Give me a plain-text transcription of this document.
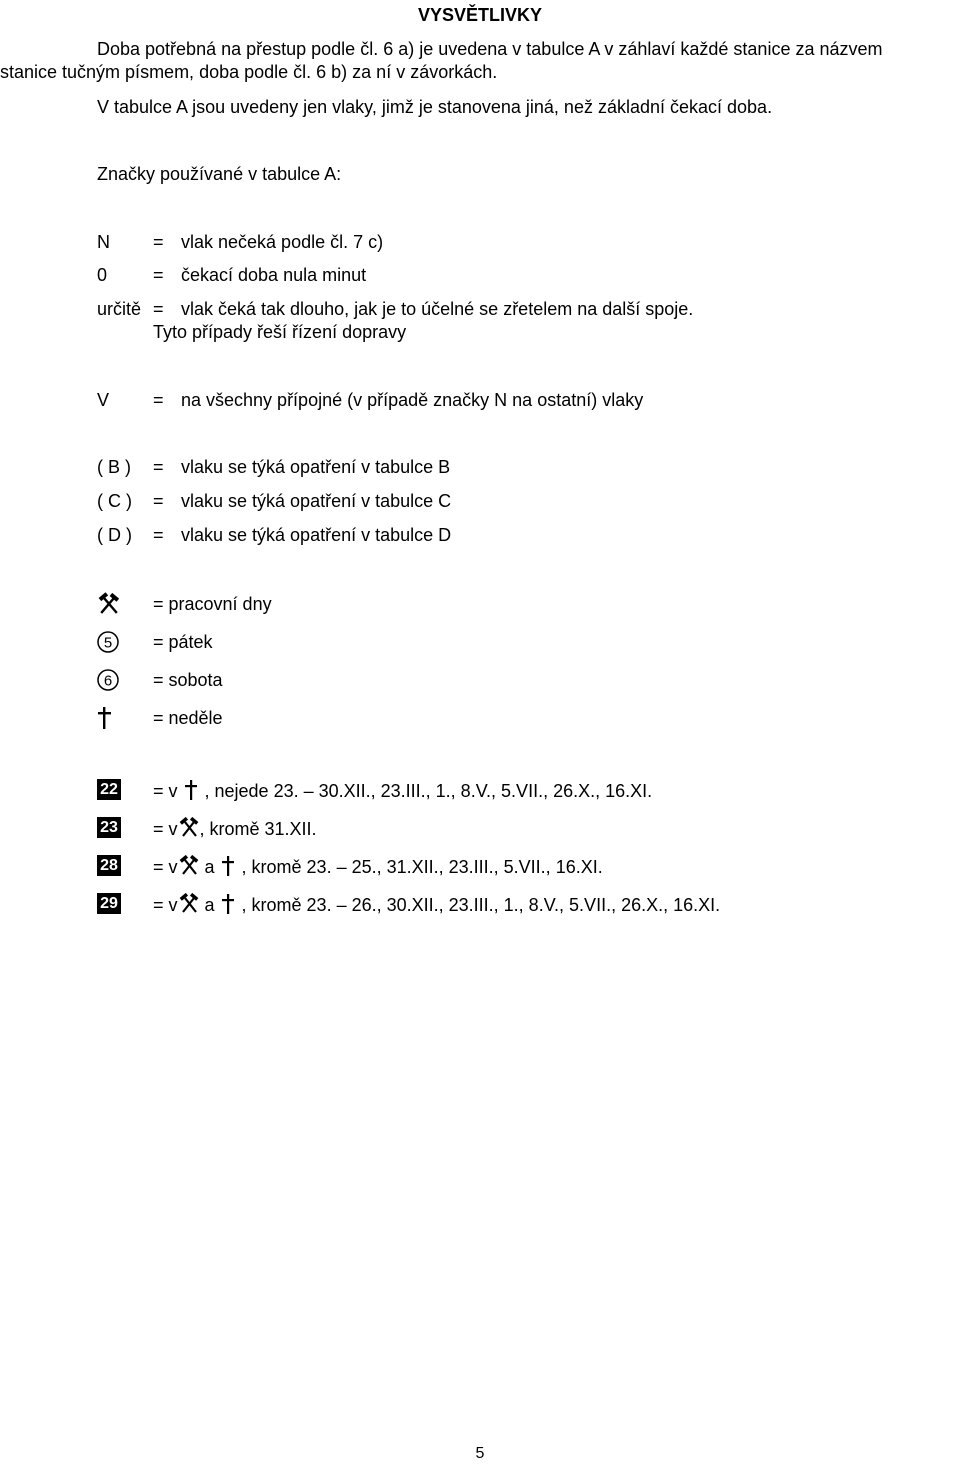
VYSVĚTLIVKY
Doba potřebná na přestup podle čl. 6 a) je uvedena v tabulce A v záhlaví každé stanice za názvem
stanice tučným písmem, doba podle čl. 6 b) za ní v závorkách.
V tabulce A jsou uvedeny jen vlaky, jimž je stanovena jiná, než základní čekací doba.
Značky používané v tabulce A:
N = vlak nečeká podle čl. 7 c)
0	= čekací doba nula minut
určitě = vlak čeká tak dlouho, jak je to účelné se zřetelem na další spoje.
Tyto případy řeší řízení dopravy
V = na všechny přípojné (v případě značky N na ostatní) vlaky
( B ) = vlaku se týká opatření v tabulce B
( C ) = vlaku se týká opatření v tabulce C
( D ) = vlaku se týká opatření v tabulce D
= pracovní dny
5 = pátek
6 = sobota
= neděle
22 = v , nejede 23. – 30.XII., 23.III., 1., 8.V., 5.VII., 26.X., 16.XI.
23 = v , kromě 31.XII.
28 = v a , kromě 23. – 25., 31.XII., 23.III., 5.VII., 16.XI.
29 = v a , kromě 23. – 26., 30.XII., 23.III., 1., 8.V., 5.VII., 26.X., 16.XI.
5
